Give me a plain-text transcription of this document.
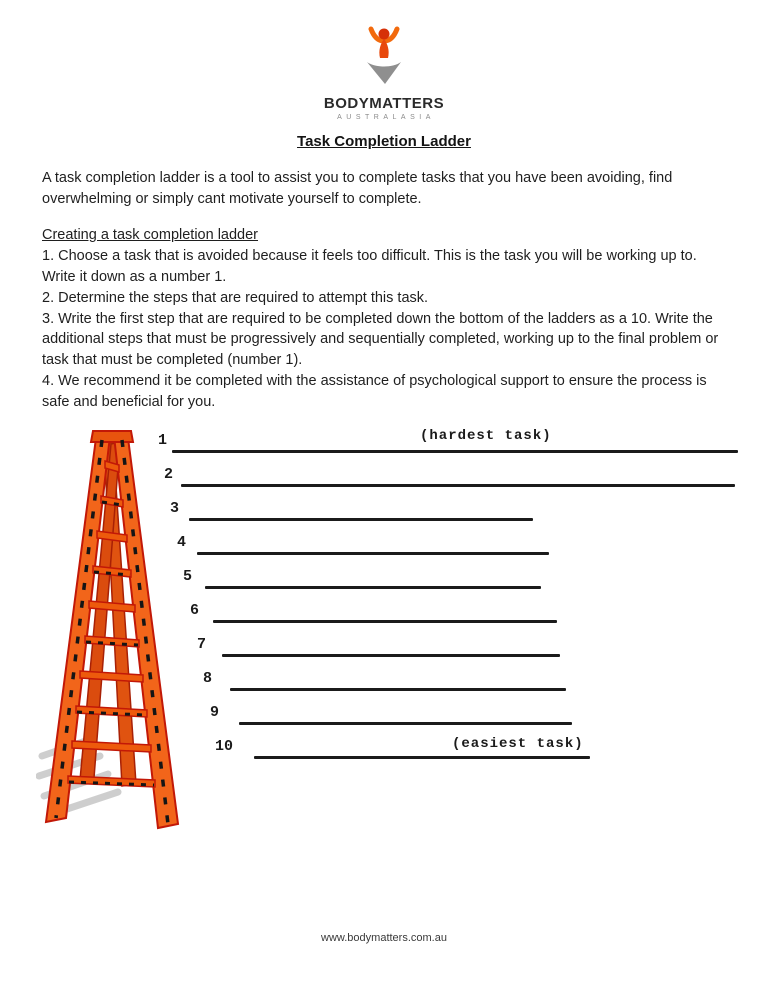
BODYMATTERS
AUSTRALASIA
Task Completion Ladder
A task completion ladder is a tool to assist you to complete tasks that you have been avoiding, find overwhelming or simply cant motivate yourself to complete.
Creating a task completion ladder
1. Choose a task that is avoided because it feels too difficult. This is the task you will be working up to. Write it down as a number 1.
2. Determine the steps that are required to attempt this task.
3. Write the first step that are required to be completed down the bottom of the ladders as a 10. Write the additional steps that must be progressively and sequentially completed, working up to the final problem or task that must be completed (number 1).
4. We recommend it be completed with the assistance of psychological support to ensure the process is safe and beneficial for you.
(hardest task)
(easiest task)
1
2
3
4
5
6
7
8
9
10
www.bodymatters.com.au
